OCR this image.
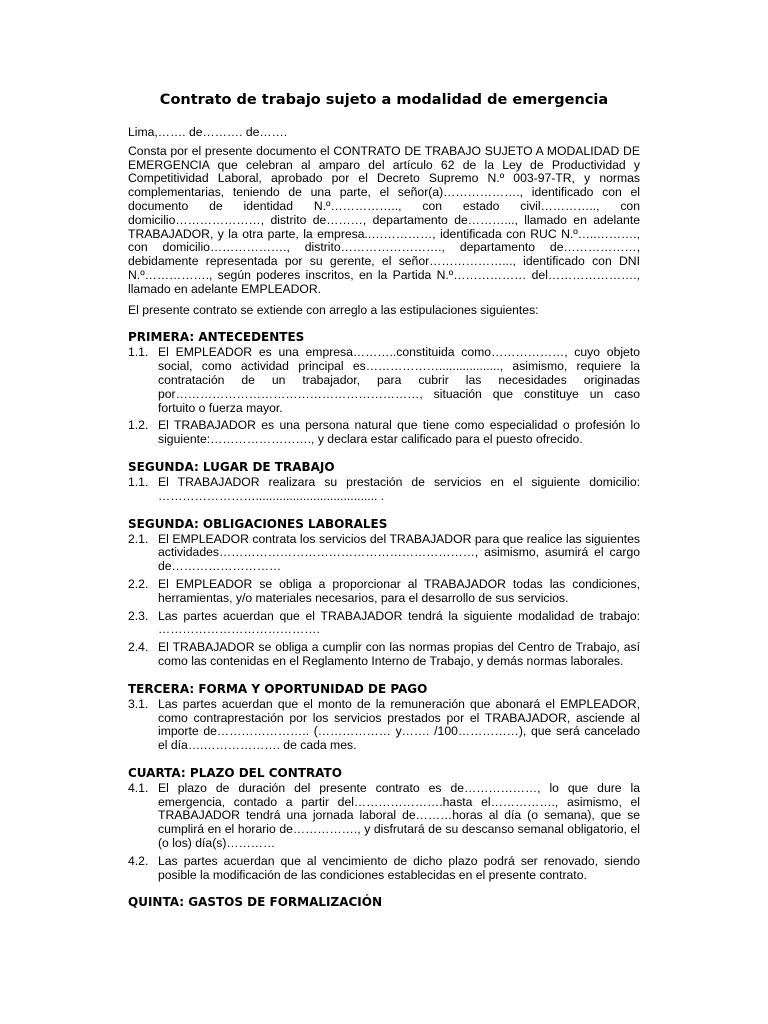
Contrato de trabajo sujeto a modalidad de emergencia

Lima,……. de………. de…….

Consta por el presente documento el CONTRATO DE TRABAJO SUJETO A MODALIDAD DE EMERGENCIA que celebran al amparo del artículo 62 de la Ley de Productividad y Competitividad Laboral, aprobado por el Decreto Supremo N.º 003-97-TR, y normas complementarias, teniendo de una parte, el señor(a)………………., identificado con el documento de identidad N.º…………….., con estado civil………….., con domicilio…………………, distrito de………, departamento de………..., llamado en adelante TRABAJADOR, y la otra parte, la empresa..……………, identificada con RUC N.º…..………., con domicilio………………., distrito……………………., departamento de………………, debidamente representada por su gerente, el señor………………..., identificado con DNI N.º……………., según poderes inscritos, en la Partida N.º……………… del…………………., llamado en adelante EMPLEADOR.

El presente contrato se extiende con arreglo a las estipulaciones siguientes:

PRIMERA: ANTECEDENTES
1.1. El EMPLEADOR es una empresa………..constituida como………………, cuyo objeto social, como actividad principal es……………….................., asimismo, requiere la contratación de un trabajador, para cubrir las necesidades originadas por……………………………………………………, situación que constituye un caso fortuito o fuerza mayor.
1.2. El TRABAJADOR es una persona natural que tiene como especialidad o profesión lo siguiente:……………………., y declara estar calificado para el puesto ofrecido.
SEGUNDA: LUGAR DE TRABAJO
1.1. El TRABAJADOR realizara su prestación de servicios en el siguiente domicilio: …………………….................................... .
SEGUNDA: OBLIGACIONES LABORALES
2.1. El EMPLEADOR contrata los servicios del TRABAJADOR para que realice las siguientes actividades………………………………………………………, asimismo, asumirá el cargo de………………………
2.2. El EMPLEADOR se obliga a proporcionar al TRABAJADOR todas las condiciones, herramientas, y/o materiales necesarios, para el desarrollo de sus servicios.
2.3. Las partes acuerdan que el TRABAJADOR tendrá la siguiente modalidad de trabajo: ………………………………….
2.4. El TRABAJADOR se obliga a cumplir con las normas propias del Centro de Trabajo, así como las contenidas en el Reglamento Interno de Trabajo, y demás normas laborales.
TERCERA: FORMA Y OPORTUNIDAD DE PAGO
3.1. Las partes acuerdan que el monto de la remuneración que abonará el EMPLEADOR, como contraprestación por los servicios prestados por el TRABAJADOR, asciende al importe de………………….. (……………… y……. /100……………), que será cancelado el día….………………. de cada mes.
CUARTA: PLAZO DEL CONTRATO
4.1. El plazo de duración del presente contrato es de………………, lo que dure la emergencia, contado a partir del………………….hasta el……………., asimismo, el TRABAJADOR tendrá una jornada laboral de………horas al día (o semana), que se cumplirá en el horario de……………., y disfrutará de su descanso semanal obligatorio, el (o los) día(s)…………
4.2. Las partes acuerdan que al vencimiento de dicho plazo podrá ser renovado, siendo posible la modificación de las condiciones establecidas en el presente contrato.
QUINTA: GASTOS DE FORMALIZACIÓN
